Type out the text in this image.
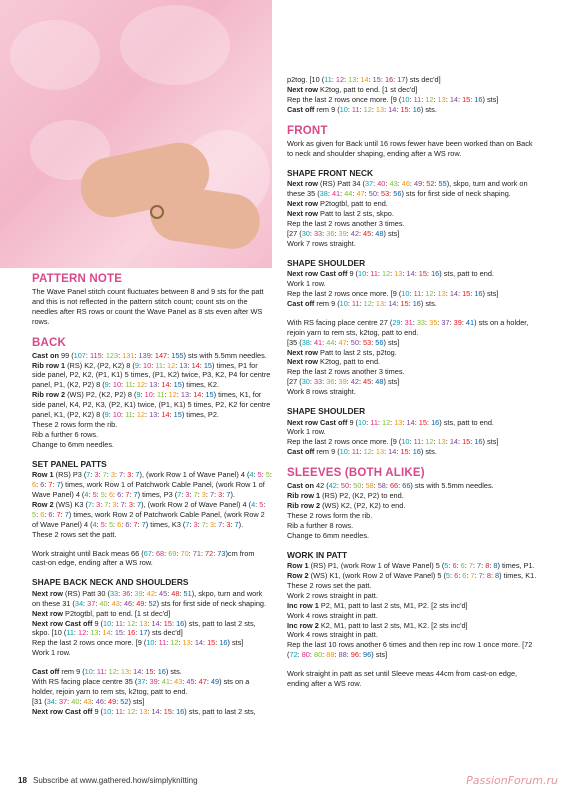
p2tog. [10 (11: 12: 13: 14: 15: 16: 17) sts dec'd]

Next row K2tog, patt to end. [1 st dec'd]

Rep the last 2 rows once more. [9 (10: 11: 12: 13: 14: 15: 16) sts]

Cast off rem 9 (10: 11: 12: 13: 14: 15: 16) sts.

PATTERN NOTE

The Wave Panel stitch count fluctuates between 8 and 9 sts for the patt and this is not reflected in the pattern stitch count; count sts on the needles after RS rows or count the Wave Panel as 8 sts even after WS rows.

BACK

Cast on 99 (107: 115: 123: 131: 139: 147: 155) sts with 5.5mm needles.

Rib row 1 (RS) K2, (P2, K2) 8 (9: 10: 11: 12: 13: 14: 15) times, P1 for side panel, P2, K2, (P1, K1) 5 times, (P1, K2) twice, P3, K2, P4 for centre panel, P1, (K2, P2) 8 (9: 10: 11: 12: 13: 14: 15) times, K2.

Rib row 2 (WS) P2, (K2, P2) 8 (9: 10: 11: 12: 13: 14: 15) times, K1, for side panel, K4, P2, K3, (P2, K1) twice, (P1, K1) 5 times, P2, K2 for centre panel, K1, (P2, K2) 8 (9: 10: 11: 12: 13: 14: 15) times, P2.

These 2 rows form the rib.

Rib a further 6 rows.

Change to 6mm needles.

SET PANEL PATTS

Row 1 (RS) P3 (7: 3: 7: 3: 7: 3: 7), (work Row 1 of Wave Panel) 4 (4: 5: 5: 6: 6: 7: 7) times, work Row 1 of Patchwork Cable Panel, (work Row 1 of Wave Panel) 4 (4: 5: 5: 6: 6: 7: 7) times, P3 (7: 3: 7: 3: 7: 3: 7).

Row 2 (WS) K3 (7: 3: 7: 3: 7: 3: 7), (work Row 2 of Wave Panel) 4 (4: 5: 5: 6: 6: 7: 7) times, work Row 2 of Patchwork Cable Panel, (work Row 2 of Wave Panel) 4 (4: 5: 5: 6: 6: 7: 7) times, K3 (7: 3: 7: 3: 7: 3: 7).

These 2 rows set the patt.

Work straight until Back meas 66 (67: 68: 69: 70: 71: 72: 73)cm from cast-on edge, ending after a WS row.

SHAPE BACK NECK AND SHOULDERS

Next row (RS) Patt 30 (33: 36: 39: 42: 45: 48: 51), skpo, turn and work on these 31 (34: 37: 40: 43: 46: 49: 52) sts for first side of neck shaping.

Next row P2togtbl, patt to end. [1 st dec'd]

Next row Cast off 9 (10: 11: 12: 13: 14: 15: 16) sts, patt to last 2 sts, skpo. [10 (11: 12: 13: 14: 15: 16: 17) sts dec'd]

Rep the last 2 rows once more. [9 (10: 11: 12: 13: 14: 15: 16) sts]

Work 1 row.

Cast off rem 9 (10: 11: 12: 13: 14: 15: 16) sts.

With RS facing place centre 35 (37: 39: 41: 43: 45: 47: 49) sts on a holder, rejoin yarn to rem sts, k2tog, patt to end.

[31 (34: 37: 40: 43: 46: 49: 52) sts]

Next row Cast off 9 (10: 11: 12: 13: 14: 15: 16) sts, patt to last 2 sts,

FRONT

Work as given for Back until 16 rows fewer have been worked than on Back to neck and shoulder shaping, ending after a WS row.

SHAPE FRONT NECK

Next row (RS) Patt 34 (37: 40: 43: 46: 49: 52: 55), skpo, turn and work on these 35 (38: 41: 44: 47: 50: 53: 56) sts for first side of neck shaping.

Next row P2togtbl, patt to end.

Next row Patt to last 2 sts, skpo.

Rep the last 2 rows another 3 times.

[27 (30: 33: 36: 39: 42: 45: 48) sts]

Work 7 rows straight.

SHAPE SHOULDER

Next row Cast off 9 (10: 11: 12: 13: 14: 15: 16) sts, patt to end.

Work 1 row.

Rep the last 2 rows once more. [9 (10: 11: 12: 13: 14: 15: 16) sts]

Cast off rem 9 (10: 11: 12: 13: 14: 15: 16) sts.

With RS facing place centre 27 (29: 31: 33: 35: 37: 39: 41) sts on a holder, rejoin yarn to rem sts, k2tog, patt to end.

[35 (38: 41: 44: 47: 50: 53: 56) sts]

Next row Patt to last 2 sts, p2tog.

Next row K2tog, patt to end.

Rep the last 2 rows another 3 times.

[27 (30: 33: 36: 39: 42: 45: 48) sts]

Work 8 rows straight.

SHAPE SHOULDER

Next row Cast off 9 (10: 11: 12: 13: 14: 15: 16) sts, patt to end.

Work 1 row.

Rep the last 2 rows once more. [9 (10: 11: 12: 13: 14: 15: 16) sts]

Cast off rem 9 (10: 11: 12: 13: 14: 15: 16) sts.

SLEEVES (BOTH ALIKE)

Cast on 42 (42: 50: 50: 58: 58: 66: 66) sts with 5.5mm needles.

Rib row 1 (RS) P2, (K2, P2) to end.

Rib row 2 (WS) K2, (P2, K2) to end.

These 2 rows form the rib.

Rib a further 8 rows.

Change to 6mm needles.

WORK IN PATT

Row 1 (RS) P1, (work Row 1 of Wave Panel) 5 (5: 6: 6: 7: 7: 8: 8) times, P1.

Row 2 (WS) K1, (work Row 2 of Wave Panel) 5 (5: 6: 6: 7: 7: 8: 8) times, K1.

These 2 rows set the patt.

Work 2 rows straight in patt.

Inc row 1 P2, M1, patt to last 2 sts, M1, P2. [2 sts inc'd]

Work 4 rows straight in patt.

Inc row 2 K2, M1, patt to last 2 sts, M1, K2. [2 sts inc'd]

Work 4 rows straight in patt.

Rep the last 10 rows another 6 times and then rep inc row 1 once more. [72 (72: 80: 80: 88: 88: 96: 96) sts]

Work straight in patt as set until Sleeve meas 44cm from cast-on edge, ending after a WS row.

18 Subscribe at www.gathered.how/simplyknitting	PassionForum.ru
